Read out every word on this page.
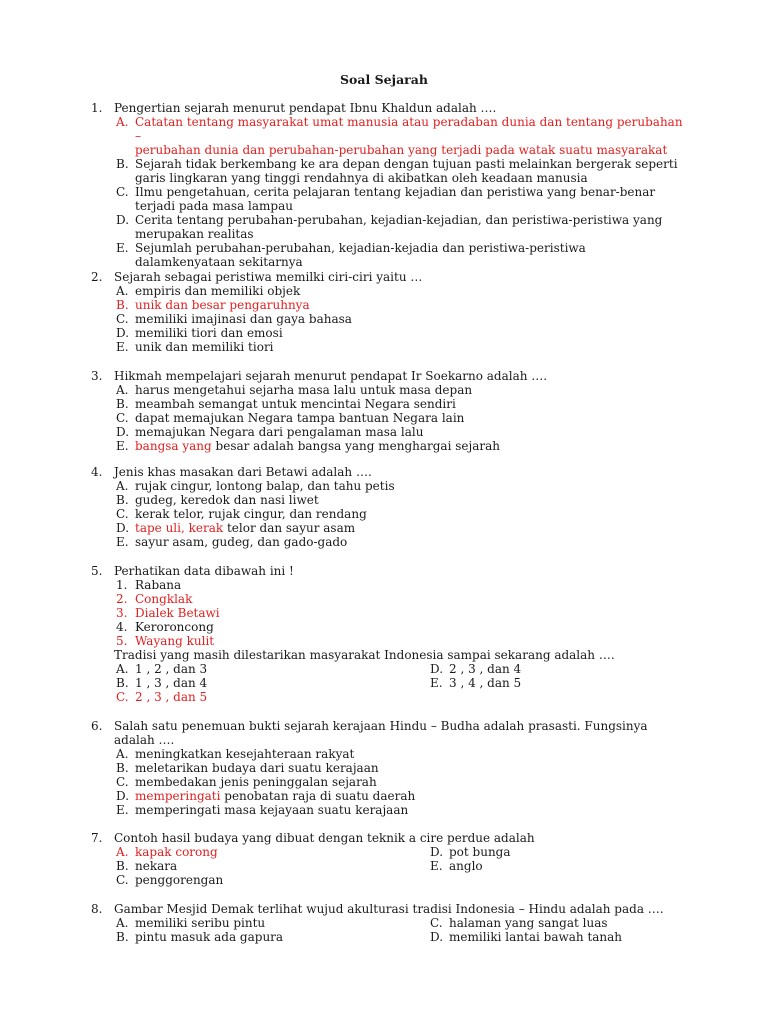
Soal Sejarah
1. Pengertian sejarah menurut pendapat Ibnu Khaldun adalah ….
A. Catatan tentang masyarakat umat manusia atau peradaban dunia dan tentang perubahan –
perubahan dunia dan perubahan-perubahan yang terjadi pada watak suatu masyarakat
B. Sejarah tidak berkembang ke ara depan dengan tujuan pasti melainkan bergerak seperti
garis lingkaran yang tinggi rendahnya di akibatkan oleh keadaan manusia
C. Ilmu pengetahuan, cerita pelajaran tentang kejadian dan peristiwa yang benar-benar
terjadi pada masa lampau
D. Cerita tentang perubahan-perubahan, kejadian-kejadian, dan peristiwa-peristiwa yang
merupakan realitas
E. Sejumlah perubahan-perubahan, kejadian-kejadia dan peristiwa-peristiwa
dalamkenyataan sekitarnya
2. Sejarah sebagai peristiwa memilki ciri-ciri yaitu …
A. empiris dan memiliki objek
B. unik dan besar pengaruhnya
C. memiliki imajinasi dan gaya bahasa
D. memiliki tiori dan emosi
E. unik dan memiliki tiori
3. Hikmah mempelajari sejarah menurut pendapat Ir Soekarno adalah ….
A. harus mengetahui sejarha masa lalu untuk masa depan
B. meambah semangat untuk mencintai Negara sendiri
C. dapat memajukan Negara tampa bantuan Negara lain
D. memajukan Negara dari pengalaman masa lalu
E. bangsa yang besar adalah bangsa yang menghargai sejarah
4. Jenis khas masakan dari Betawi adalah ….
A. rujak cingur, lontong balap, dan tahu petis
B. gudeg, keredok dan nasi liwet
C. kerak telor, rujak cingur, dan rendang
D. tape uli, kerak telor dan sayur asam
E. sayur asam, gudeg, dan gado-gado
5. Perhatikan data dibawah ini !
1. Rabana
2. Congklak
3. Dialek Betawi
4. Keroroncong
5. Wayang kulit
Tradisi yang masih dilestarikan masyarakat Indonesia sampai sekarang adalah ….
A. 1 , 2 , dan 3	D. 2 , 3 , dan 4
B. 1 , 3 , dan 4	E. 3 , 4 , dan 5
C. 2 , 3 , dan 5
6. Salah satu penemuan bukti sejarah kerajaan Hindu – Budha adalah prasasti. Fungsinya adalah ….
A. meningkatkan kesejahteraan rakyat
B. meletarikan budaya dari suatu kerajaan
C. membedakan jenis peninggalan sejarah
D. memperingati penobatan raja di suatu daerah
E. memperingati masa kejayaan suatu kerajaan
7. Contoh hasil budaya yang dibuat dengan teknik a cire perdue adalah
A. kapak corong	D. pot bunga
B. nekara	E. anglo
C. penggorengan
8. Gambar Mesjid Demak terlihat wujud akulturasi tradisi Indonesia – Hindu adalah pada ….
A. memiliki seribu pintu	C. halaman yang sangat luas
B. pintu masuk ada gapura	D. memiliki lantai bawah tanah
